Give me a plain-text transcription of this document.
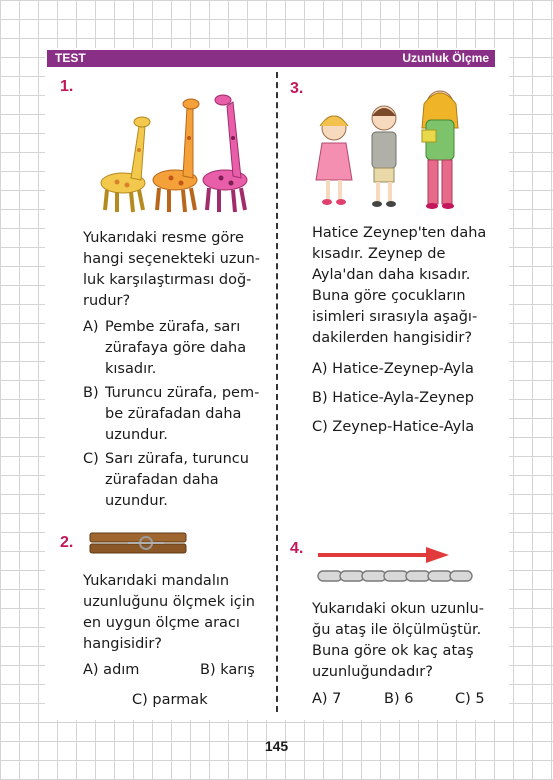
TEST	Uzunluk Ölçme
1.
Yukarıdaki resme göre
hangi seçenekteki uzun-
luk karşılaştırması doğ-
rudur?
A) Pembe zürafa, sarı
zürafaya göre daha
kısadır.
B) Turuncu zürafa, pem-
be zürafadan daha
uzundur.
C) Sarı zürafa, turuncu
zürafadan daha
uzundur.
2.
Yukarıdaki mandalın
uzunluğunu ölçmek için
en uygun ölçme aracı
hangisidir?
A) adım	B) karış
C) parmak
3.
Hatice Zeynep'ten daha
kısadır. Zeynep de
Ayla'dan daha kısadır.
Buna göre çocukların
isimleri sırasıyla aşağı-
dakilerden hangisidir?
A) Hatice-Zeynep-Ayla
B) Hatice-Ayla-Zeynep
C) Zeynep-Hatice-Ayla
4.
Yukarıdaki okun uzunlu-
ğu ataş ile ölçülmüştür.
Buna göre ok kaç ataş
uzunluğundadır?
A) 7	B) 6	C) 5
145
